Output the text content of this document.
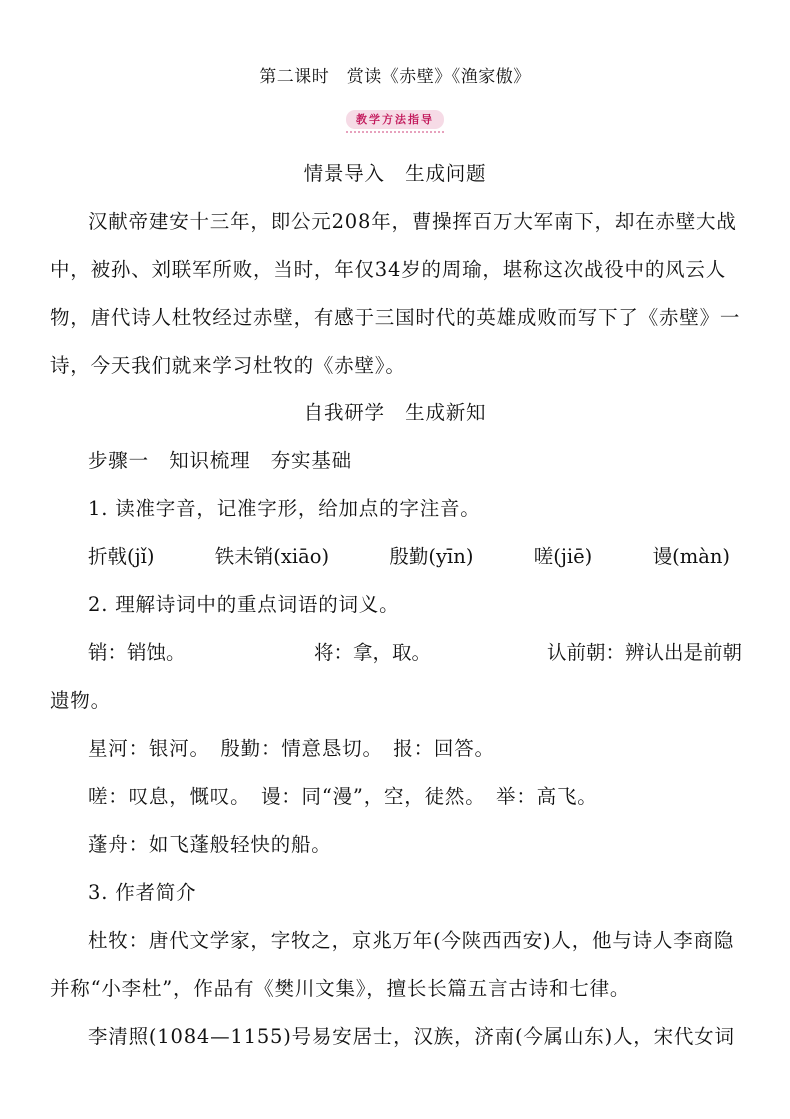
第二课时　赏读《赤壁》《渔家傲》
教学方法指导
情景导入　生成问题
汉献帝建安十三年，即公元208年，曹操挥百万大军南下，却在赤壁大战
中，被孙、刘联军所败，当时，年仅34岁的周瑜，堪称这次战役中的风云人
物，唐代诗人杜牧经过赤壁，有感于三国时代的英雄成败而写下了《赤壁》一
诗，今天我们就来学习杜牧的《赤壁》。
自我研学　生成新知
步骤一　知识梳理　夯实基础
1. 读准字音，记准字形，给加点的字注音。
折戟(jǐ)	铁未销(xiāo)	殷勤(yīn)	嗟(jiē)	谩(màn)
2. 理解诗词中的重点词语的词义。
销：销蚀。	将：拿，取。	认前朝：辨认出是前朝
遗物。
星河：银河。　殷勤：情意恳切。　报：回答。
嗟：叹息，慨叹。　谩：同“漫”，空，徒然。　举：高飞。
蓬舟：如飞蓬般轻快的船。
3. 作者简介
杜牧：唐代文学家，字牧之，京兆万年(今陕西西安)人，他与诗人李商隐
并称“小李杜”，作品有《樊川文集》，擅长长篇五言古诗和七律。
李清照(1084—1155)号易安居士，汉族，济南(今属山东)人，宋代女词
